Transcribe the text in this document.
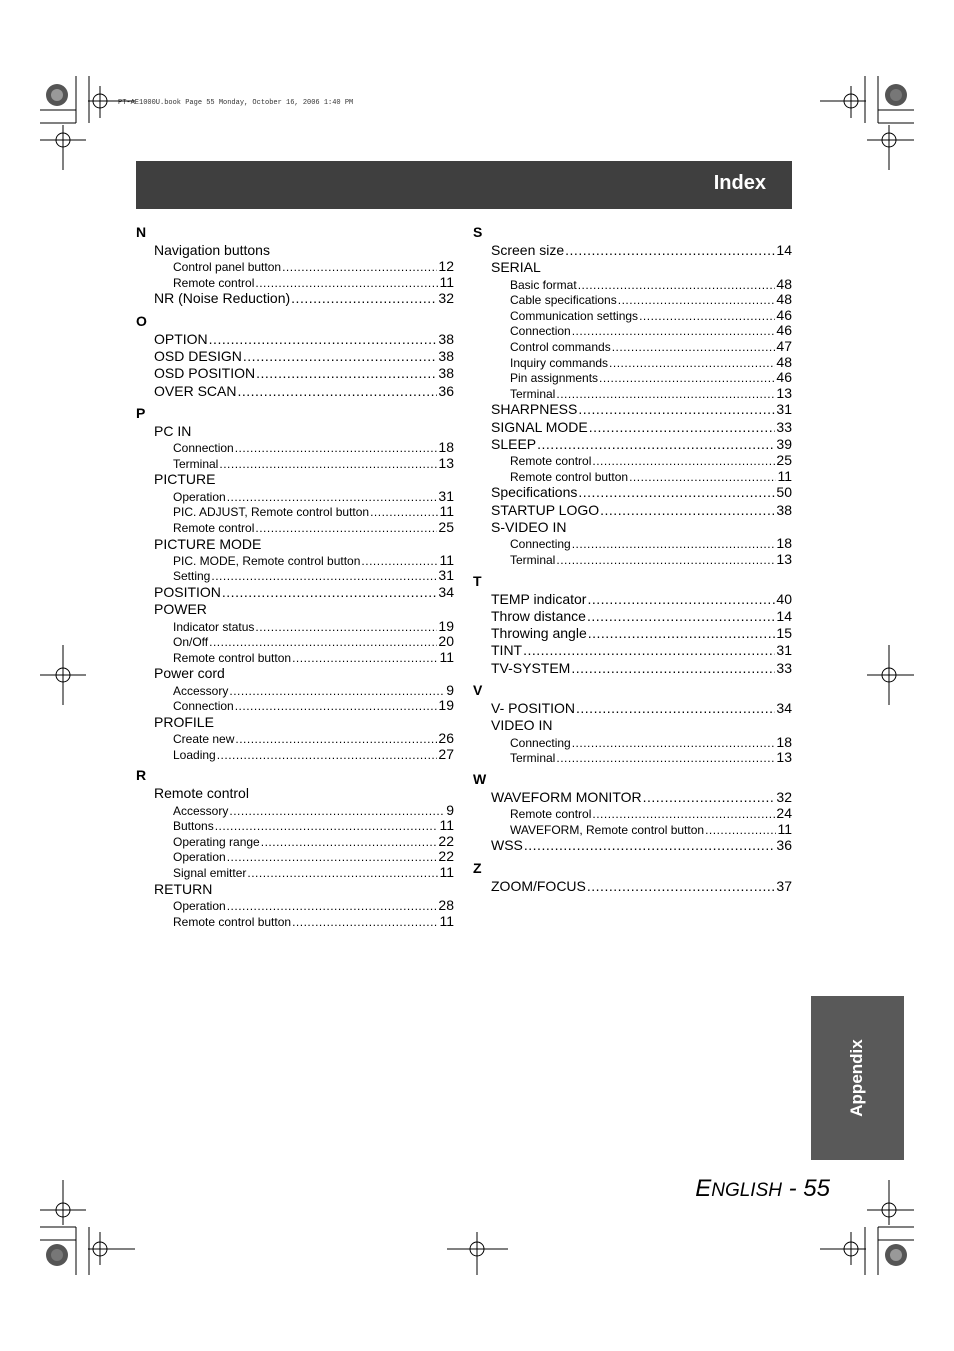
PT-AE1000U.book Page 55 Monday, October 16, 2006 1:40 PM
Index
N
Navigation buttons
Control panel button .....	12
Remote control .....	11
NR (Noise Reduction) .....	32
O
OPTION .....	38
OSD DESIGN .....	38
OSD POSITION .....	38
OVER SCAN .....	36
P
PC IN
Connection .....	18
Terminal .....	13
PICTURE
Operation .....	31
PIC. ADJUST, Remote control button .....	11
Remote control .....	25
PICTURE MODE
PIC. MODE, Remote control button .....	11
Setting .....	31
POSITION .....	34
POWER
Indicator status .....	19
On/Off .....	20
Remote control button .....	11
Power cord
Accessory .....	9
Connection .....	19
PROFILE
Create new .....	26
Loading .....	27
R
Remote control
Accessory .....	9
Buttons .....	11
Operating range .....	22
Operation .....	22
Signal emitter .....	11
RETURN
Operation .....	28
Remote control button .....	11
S
Screen size .....	14
SERIAL
Basic format .....	48
Cable specifications .....	48
Communication settings .....	46
Connection .....	46
Control commands .....	47
Inquiry commands .....	48
Pin assignments .....	46
Terminal .....	13
SHARPNESS .....	31
SIGNAL MODE .....	33
SLEEP .....	39
Remote control .....	25
Remote control button .....	11
Specifications .....	50
STARTUP LOGO .....	38
S-VIDEO IN
Connecting .....	18
Terminal .....	13
T
TEMP indicator .....	40
Throw distance .....	14
Throwing angle .....	15
TINT .....	31
TV-SYSTEM .....	33
V
V- POSITION .....	34
VIDEO IN
Connecting .....	18
Terminal .....	13
W
WAVEFORM MONITOR .....	32
Remote control .....	24
WAVEFORM, Remote control button .....	11
WSS .....	36
Z
ZOOM/FOCUS .....	37
Appendix
ENGLISH - 55
